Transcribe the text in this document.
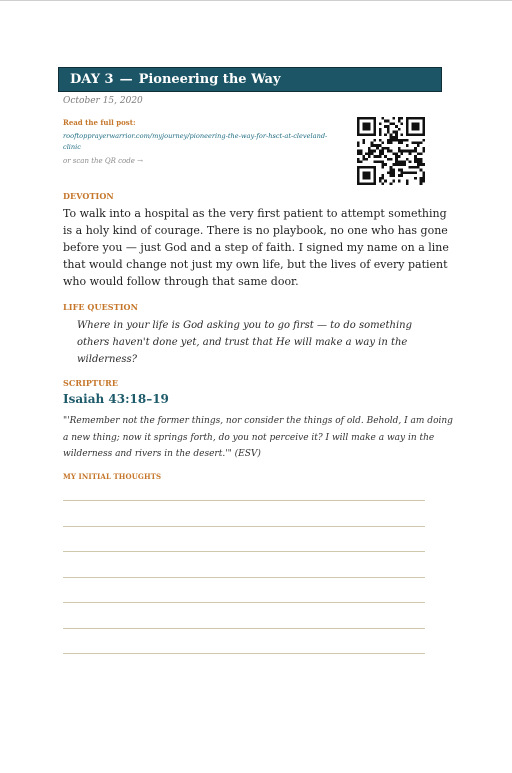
DAY 3 — Pioneering the Way
October 15, 2020
Read the full post:
rooftopprayerwarrior.com/myjourney/pioneering-the-way-for-hsct-at-cleveland-clinic
or scan the QR code →
DEVOTION
To walk into a hospital as the very first patient to attempt something is a holy kind of courage. There is no playbook, no one who has gone before you — just God and a step of faith. I signed my name on a line that would change not just my own life, but the lives of every patient who would follow through that same door.
LIFE QUESTION
Where in your life is God asking you to go first — to do something others haven't done yet, and trust that He will make a way in the wilderness?
SCRIPTURE
Isaiah 43:18–19
"'Remember not the former things, nor consider the things of old. Behold, I am doing a new thing; now it springs forth, do you not perceive it? I will make a way in the wilderness and rivers in the desert.'" (ESV)
MY INITIAL THOUGHTS
